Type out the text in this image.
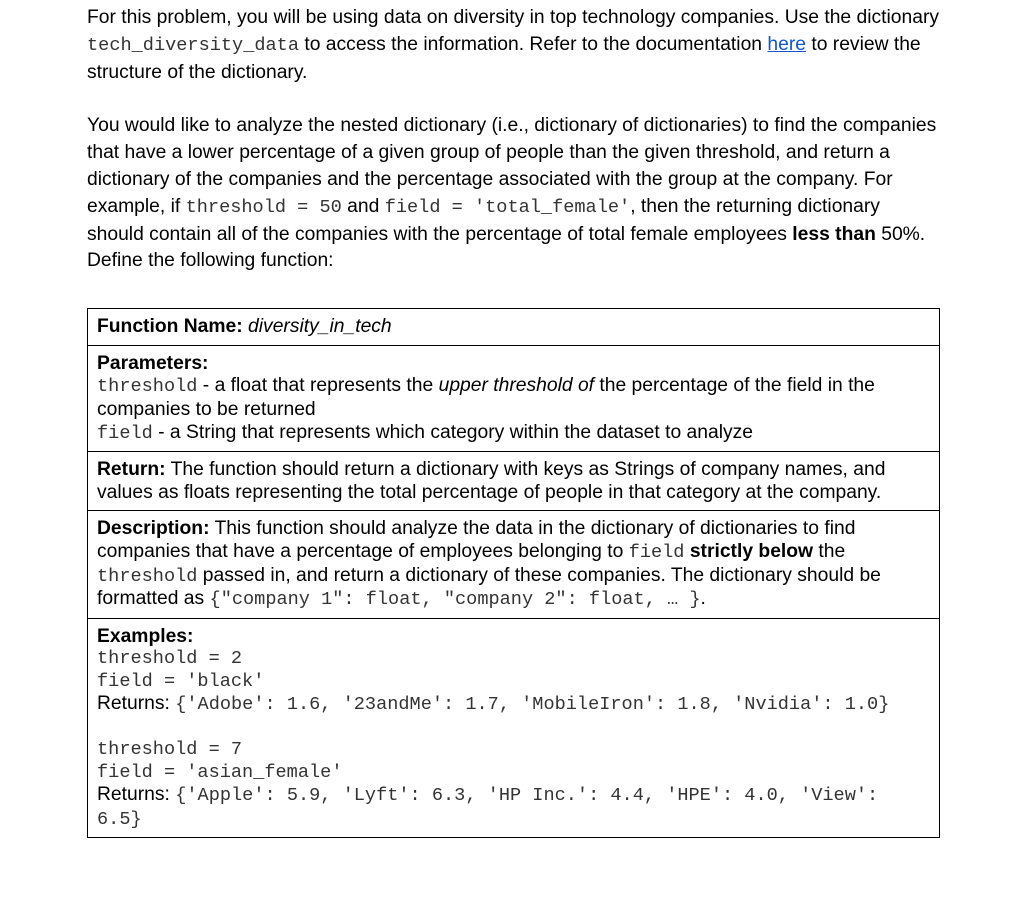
For this problem, you will be using data on diversity in top technology companies. Use the dictionary tech_diversity_data to access the information. Refer to the documentation here to review the structure of the dictionary.

You would like to analyze the nested dictionary (i.e., dictionary of dictionaries) to find the companies that have a lower percentage of a given group of people than the given threshold, and return a dictionary of the companies and the percentage associated with the group at the company. For example, if threshold = 50 and field = 'total_female', then the returning dictionary should contain all of the companies with the percentage of total female employees less than 50%. Define the following function:

Function Name: diversity_in_tech
Parameters:
threshold - a float that represents the upper threshold of the percentage of the field in the companies to be returned
field - a String that represents which category within the dataset to analyze
Return: The function should return a dictionary with keys as Strings of company names, and values as floats representing the total percentage of people in that category at the company.
Description: This function should analyze the data in the dictionary of dictionaries to find companies that have a percentage of employees belonging to field strictly below the threshold passed in, and return a dictionary of these companies. The dictionary should be formatted as {"company 1": float, "company 2": float, … }.
Examples:
threshold = 2
field = 'black'
Returns: {'Adobe': 1.6, '23andMe': 1.7, 'MobileIron': 1.8, 'Nvidia': 1.0}
threshold = 7
field = 'asian_female'
Returns: {'Apple': 5.9, 'Lyft': 6.3, 'HP Inc.': 4.4, 'HPE': 4.0, 'View': 6.5}
